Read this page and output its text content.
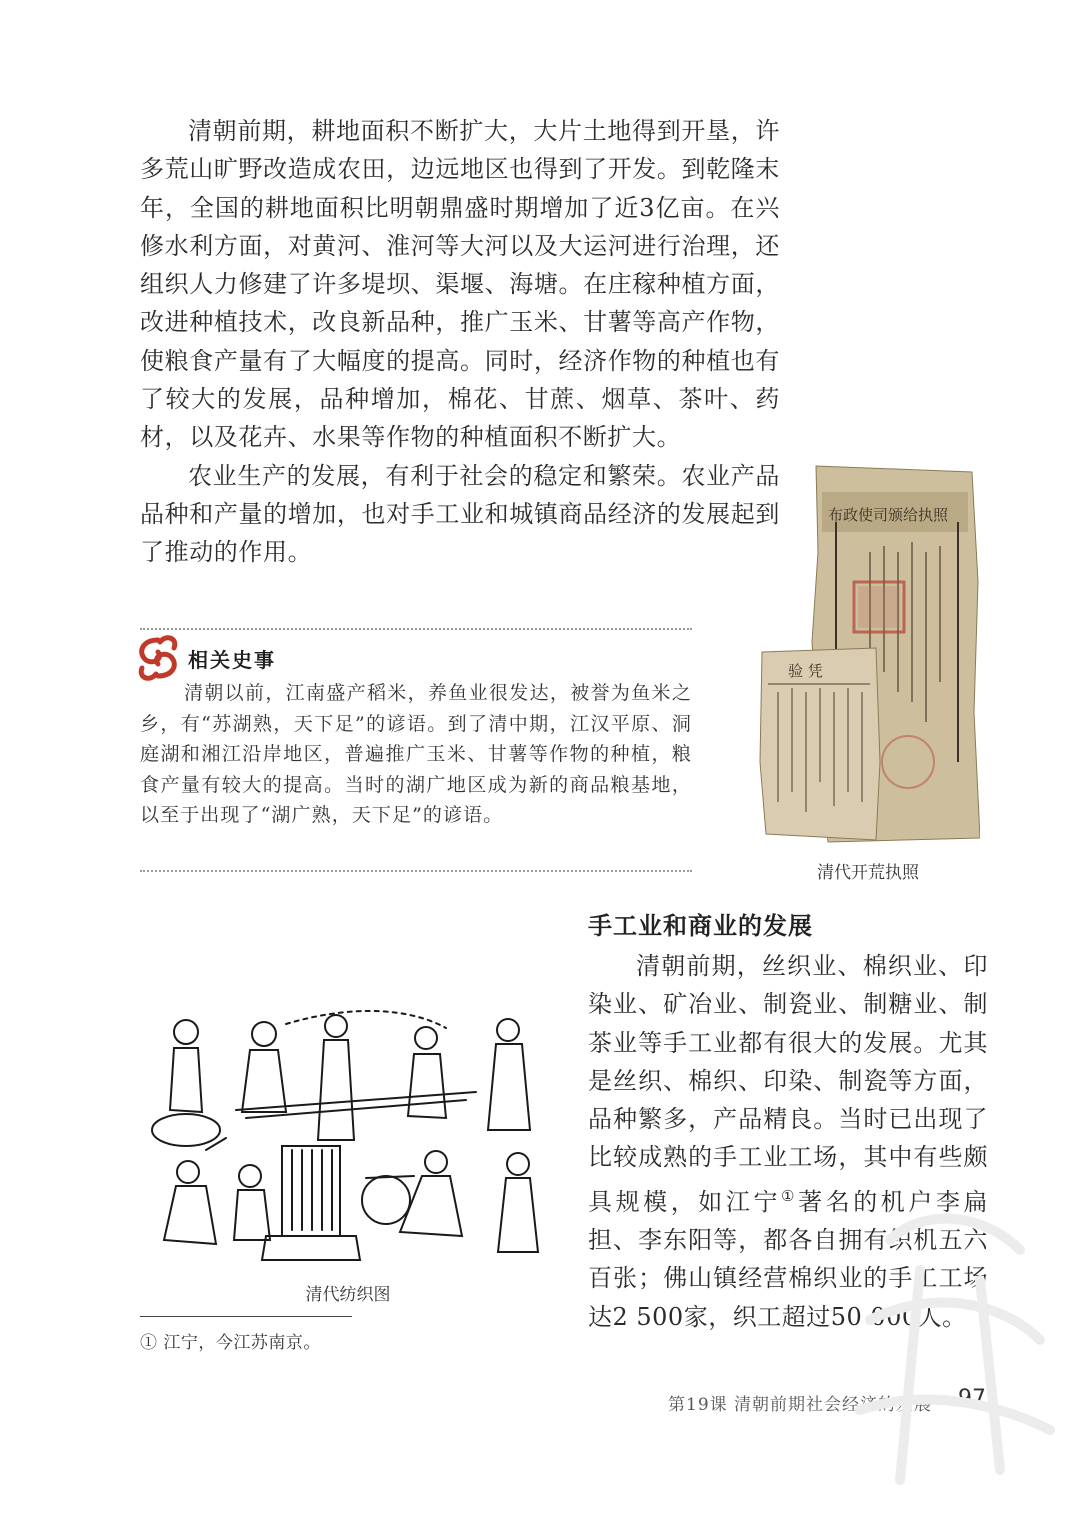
清朝前期，耕地面积不断扩大，大片土地得到开垦，许多荒山旷野改造成农田，边远地区也得到了开发。到乾隆末年，全国的耕地面积比明朝鼎盛时期增加了近3亿亩。在兴修水利方面，对黄河、淮河等大河以及大运河进行治理，还组织人力修建了许多堤坝、渠堰、海塘。在庄稼种植方面，改进种植技术，改良新品种，推广玉米、甘薯等高产作物，使粮食产量有了大幅度的提高。同时，经济作物的种植也有了较大的发展，品种增加，棉花、甘蔗、烟草、茶叶、药材，以及花卉、水果等作物的种植面积不断扩大。

农业生产的发展，有利于社会的稳定和繁荣。农业产品品种和产量的增加，也对手工业和城镇商品经济的发展起到了推动的作用。

相关史事
清朝以前，江南盛产稻米，养鱼业很发达，被誉为鱼米之乡，有“苏湖熟，天下足”的谚语。到了清中期，江汉平原、洞庭湖和湘江沿岸地区，普遍推广玉米、甘薯等作物的种植，粮食产量有较大的提高。当时的湖广地区成为新的商品粮基地，以至于出现了“湖广熟，天下足”的谚语。
布政使司颁给执照
验 凭
清代开荒执照
手工业和商业的发展
清朝前期，丝织业、棉织业、印染业、矿冶业、制瓷业、制糖业、制茶业等手工业都有很大的发展。尤其是丝织、棉织、印染、制瓷等方面，品种繁多，产品精良。当时已出现了比较成熟的手工业工场，其中有些颇具规模，如江宁①著名的机户李扁担、李东阳等，都各自拥有织机五六百张；佛山镇经营棉织业的手工工场达2 500家，织工超过50 000人。
清代纺织图
① 江宁，今江苏南京。
第19课 清朝前期社会经济的发展 97
